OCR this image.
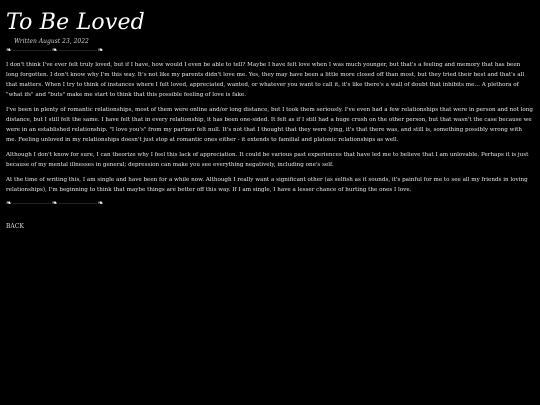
To Be Loved
Written August 23, 2022
❧	❧	❧

I don't think I've ever felt truly loved, but if I have, how would I even be able to tell? Maybe I have felt love when I was much younger, but that's a feeling and memory that has been long forgotten. I don't know why I'm this way. It's not like my parents didn't love me. Yes, they may have been a little more closed off than most, but they tried their best and that's all that matters. When I try to think of instances where I felt loved, appreciated, wanted, or whatever you want to call it, it's like there's a wall of doubt that inhibits me… A plethora of "what ifs" and "buts" make me start to think that this possible feeling of love is fake.

I've been in plenty of romantic relationships, most of them were online and/or long distance, but I took them seriously. I've even had a few relationships that were in person and not long distance, but I still felt the same. I have felt that in every relationship, it has been one-sided. It felt as if I still had a huge crush on the other person, but that wasn't the case because we were in an established relationship. "I love you's" from my partner felt null. It's not that I thought that they were lying, it's that there was, and still is, something possibly wrong with me. Feeling unloved in my relationships doesn't just stop at romantic ones either - it extends to familial and platonic relationships as well.

Although I don't know for sure, I can theorize why I feel this lack of appreciation. It could be various past experiences that have led me to believe that I am unlovable. Perhaps it is just because of my mental illnesses in general; depression can make you see everything negatively, including one's self.

At the time of writing this, I am single and have been for a while now. Although I really want a significant other (as selfish as it sounds, it's painful for me to see all my friends in loving relationships), I'm beginning to think that maybe things are better off this way. If I am single, I have a lesser chance of hurting the ones I love.

❧	❧	❧
BACK
